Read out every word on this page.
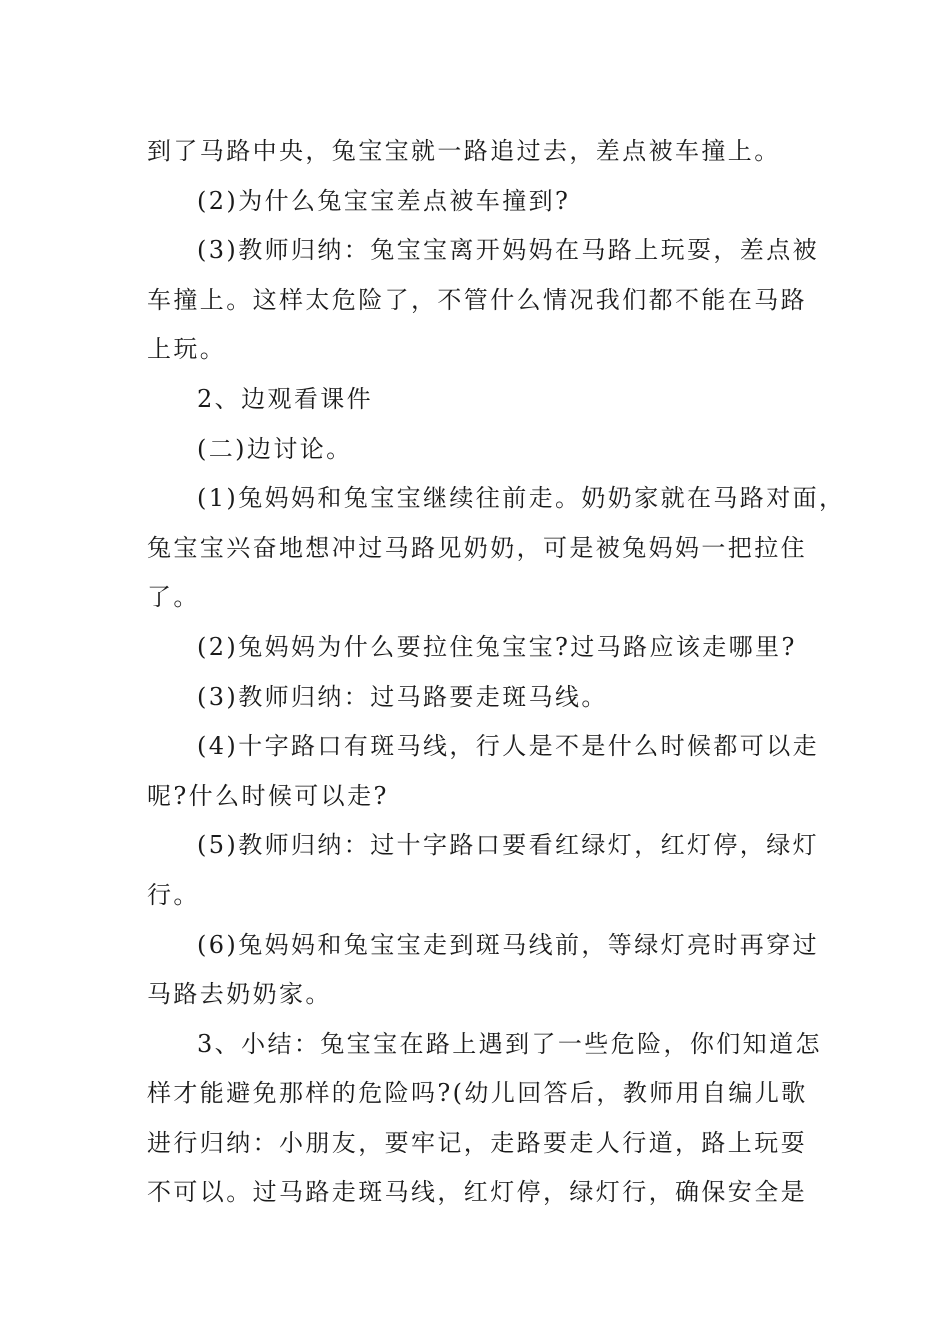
到了马路中央，兔宝宝就一路追过去，差点被车撞上。
(2)为什么兔宝宝差点被车撞到?
(3)教师归纳：兔宝宝离开妈妈在马路上玩耍，差点被
车撞上。这样太危险了，不管什么情况我们都不能在马路
上玩。
2、边观看课件
(二)边讨论。
(1)兔妈妈和兔宝宝继续往前走。奶奶家就在马路对面，
兔宝宝兴奋地想冲过马路见奶奶，可是被兔妈妈一把拉住
了。
(2)兔妈妈为什么要拉住兔宝宝?过马路应该走哪里?
(3)教师归纳：过马路要走斑马线。
(4)十字路口有斑马线，行人是不是什么时候都可以走
呢?什么时候可以走?
(5)教师归纳：过十字路口要看红绿灯，红灯停，绿灯
行。
(6)兔妈妈和兔宝宝走到斑马线前，等绿灯亮时再穿过
马路去奶奶家。
3、小结：兔宝宝在路上遇到了一些危险，你们知道怎
样才能避免那样的危险吗?(幼儿回答后，教师用自编儿歌
进行归纳：小朋友，要牢记，走路要走人行道，路上玩耍
不可以。过马路走斑马线，红灯停，绿灯行，确保安全是
